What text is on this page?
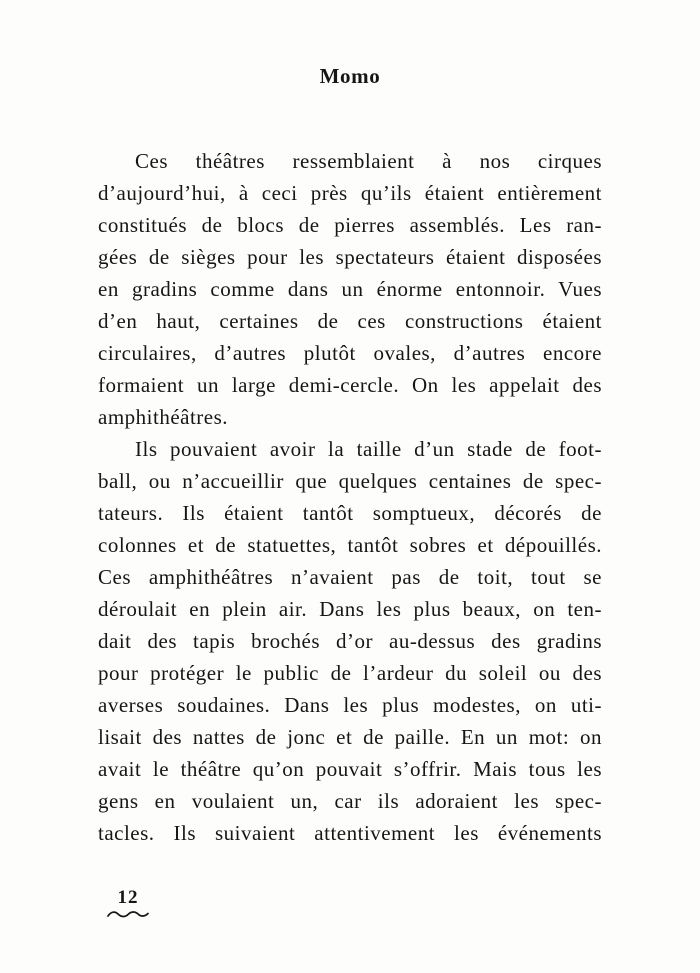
Momo
Ces théâtres ressemblaient à nos cirques
d’aujourd’hui, à ceci près qu’ils étaient entièrement
constitués de blocs de pierres assemblés. Les ran-
gées de sièges pour les spectateurs étaient disposées
en gradins comme dans un énorme entonnoir. Vues
d’en haut, certaines de ces constructions étaient
circulaires, d’autres plutôt ovales, d’autres encore
formaient un large demi-cercle. On les appelait des
amphithéâtres.
Ils pouvaient avoir la taille d’un stade de foot-
ball, ou n’accueillir que quelques centaines de spec-
tateurs. Ils étaient tantôt somptueux, décorés de
colonnes et de statuettes, tantôt sobres et dépouillés.
Ces amphithéâtres n’avaient pas de toit, tout se
déroulait en plein air. Dans les plus beaux, on ten-
dait des tapis brochés d’or au-dessus des gradins
pour protéger le public de l’ardeur du soleil ou des
averses soudaines. Dans les plus modestes, on uti-
lisait des nattes de jonc et de paille. En un mot: on
avait le théâtre qu’on pouvait s’offrir. Mais tous les
gens en voulaient un, car ils adoraient les spec-
tacles. Ils suivaient attentivement les événements
12
